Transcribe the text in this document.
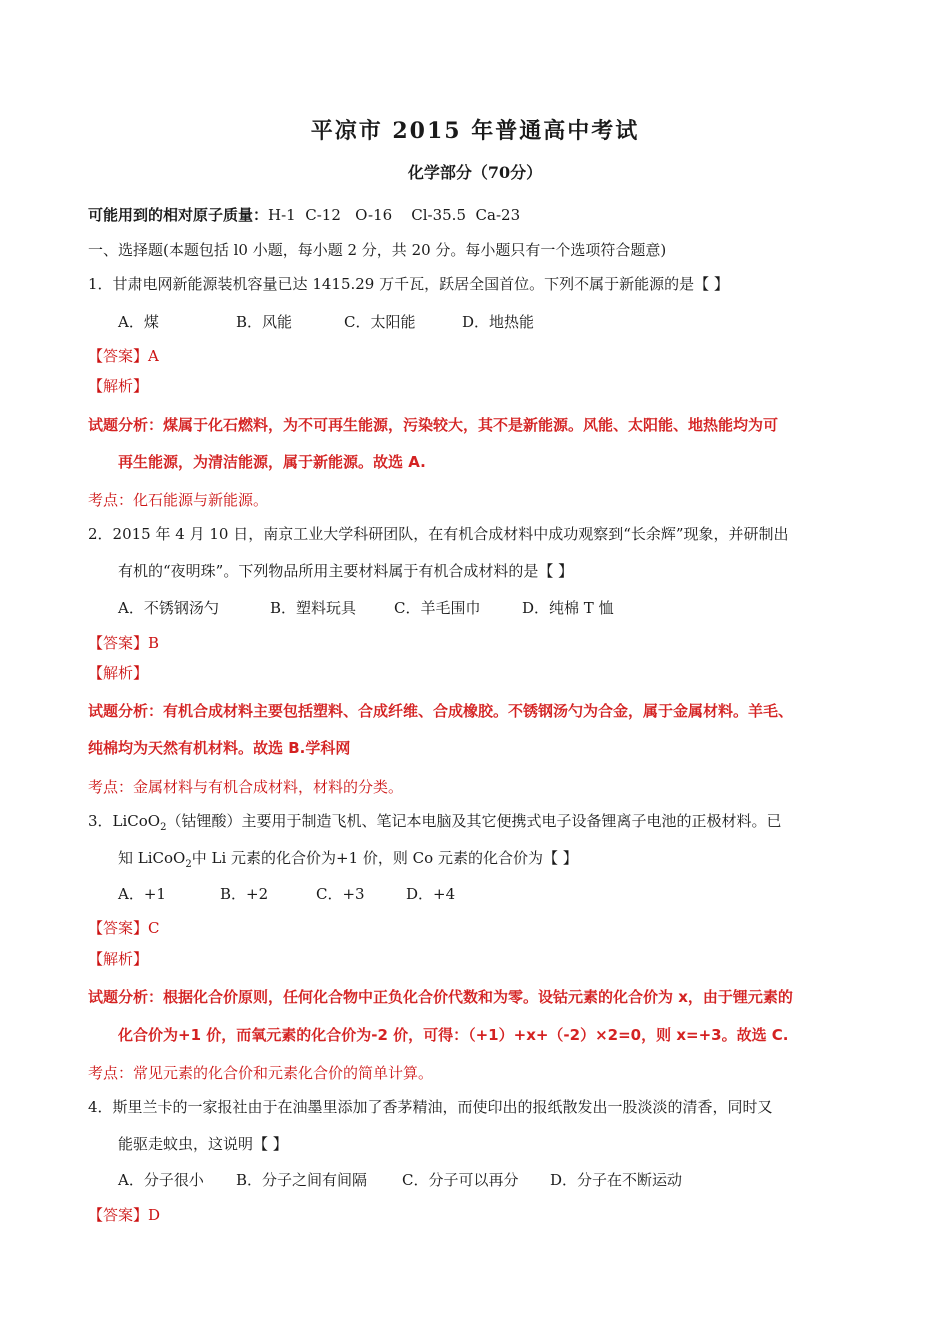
平凉市 2015 年普通高中考试
化学部分（70分）
可能用到的相对原子质量：H-1  C-12   O-16    Cl-35.5  Ca-23
一、选择题(本题包括 l0 小题，每小题 2 分，共 20 分。每小题只有一个选项符合题意)
1．甘肃电网新能源装机容量已达 1415.29 万千瓦，跃居全国首位。下列不属于新能源的是【 】
A．煤	B．风能	C．太阳能	D．地热能
【答案】A
【解析】
试题分析：煤属于化石燃料，为不可再生能源，污染较大，其不是新能源。风能、太阳能、地热能均为可
再生能源，为清洁能源，属于新能源。故选 A.
考点：化石能源与新能源。
2．2015 年 4 月 10 日，南京工业大学科研团队，在有机合成材料中成功观察到“长余辉”现象，并研制出
有机的“夜明珠”。下列物品所用主要材料属于有机合成材料的是【 】
A．不锈钢汤勺	B．塑料玩具	C．羊毛围巾	D．纯棉 T 恤
【答案】B
【解析】
试题分析：有机合成材料主要包括塑料、合成纤维、合成橡胶。不锈钢汤勺为合金，属于金属材料。羊毛、
纯棉均为天然有机材料。故选 B.学科网
考点：金属材料与有机合成材料，材料的分类。
3．LiCoO$_2$（钴锂酸）主要用于制造飞机、笔记本电脑及其它便携式电子设备锂离子电池的正极材料。已
知 LiCoO$_2$中 Li 元素的化合价为+1 价，则 Co 元素的化合价为【 】
A．+1	B．+2	C．+3	D．+4
【答案】C
【解析】
试题分析：根据化合价原则，任何化合物中正负化合价代数和为零。设钴元素的化合价为 x，由于锂元素的
化合价为+1 价，而氧元素的化合价为-2 价，可得：（+1）+x+（-2）×2=0，则 x=+3。故选 C.
考点：常见元素的化合价和元素化合价的简单计算。
4．斯里兰卡的一家报社由于在油墨里添加了香茅精油，而使印出的报纸散发出一股淡淡的清香，同时又
能驱走蚊虫，这说明【 】
A．分子很小 B．分子之间有间隔 C．分子可以再分 D．分子在不断运动
【答案】D
